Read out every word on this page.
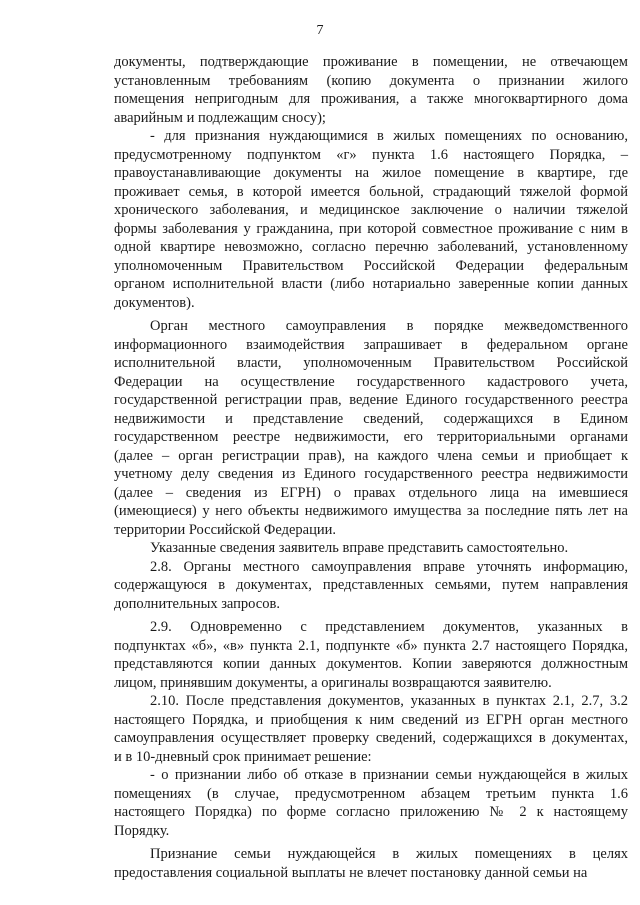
7
документы, подтверждающие проживание в помещении, не отвечающем
установленным требованиям (копию документа о признании жилого
помещения непригодным для проживания, а также многоквартирного дома
аварийным и подлежащим сносу);
- для признания нуждающимися в жилых помещениях по основанию,
предусмотренному подпунктом «г» пункта 1.6 настоящего Порядка, –
правоустанавливающие документы на жилое помещение в квартире, где
проживает семья, в которой имеется больной, страдающий тяжелой формой
хронического заболевания, и медицинское заключение о наличии тяжелой
формы заболевания у гражданина, при которой совместное проживание с ним в
одной квартире невозможно, согласно перечню заболеваний, установленному
уполномоченным Правительством Российской Федерации федеральным
органом исполнительной власти (либо нотариально заверенные копии данных
документов).
Орган местного самоуправления в порядке межведомственного
информационного взаимодействия запрашивает в федеральном органе
исполнительной власти, уполномоченным Правительством Российской
Федерации на осуществление государственного кадастрового учета,
государственной регистрации прав, ведение Единого государственного реестра
недвижимости и представление сведений, содержащихся в Едином
государственном реестре недвижимости, его территориальными органами
(далее – орган регистрации прав), на каждого члена семьи и приобщает к
учетному делу сведения из Единого государственного реестра недвижимости
(далее – сведения из ЕГРН) о правах отдельного лица на имевшиеся
(имеющиеся) у него объекты недвижимого имущества за последние пять лет на
территории Российской Федерации.
Указанные сведения заявитель вправе представить самостоятельно.
2.8. Органы местного самоуправления вправе уточнять информацию,
содержащуюся в документах, представленных семьями, путем направления
дополнительных запросов.
2.9. Одновременно с представлением документов, указанных в
подпунктах «б», «в» пункта 2.1, подпункте «б» пункта 2.7 настоящего Порядка,
представляются копии данных документов. Копии заверяются должностным
лицом, принявшим документы, а оригиналы возвращаются заявителю.
2.10. После представления документов, указанных в пунктах 2.1, 2.7, 3.2
настоящего Порядка, и приобщения к ним сведений из ЕГРН орган местного
самоуправления осуществляет проверку сведений, содержащихся в документах,
и в 10-дневный срок принимает решение:
- о признании либо об отказе в признании семьи нуждающейся в жилых
помещениях (в случае, предусмотренном абзацем третьим пункта 1.6
настоящего Порядка) по форме согласно приложению № 2 к настоящему
Порядку.
Признание семьи нуждающейся в жилых помещениях в целях
предоставления социальной выплаты не влечет постановку данной семьи на
